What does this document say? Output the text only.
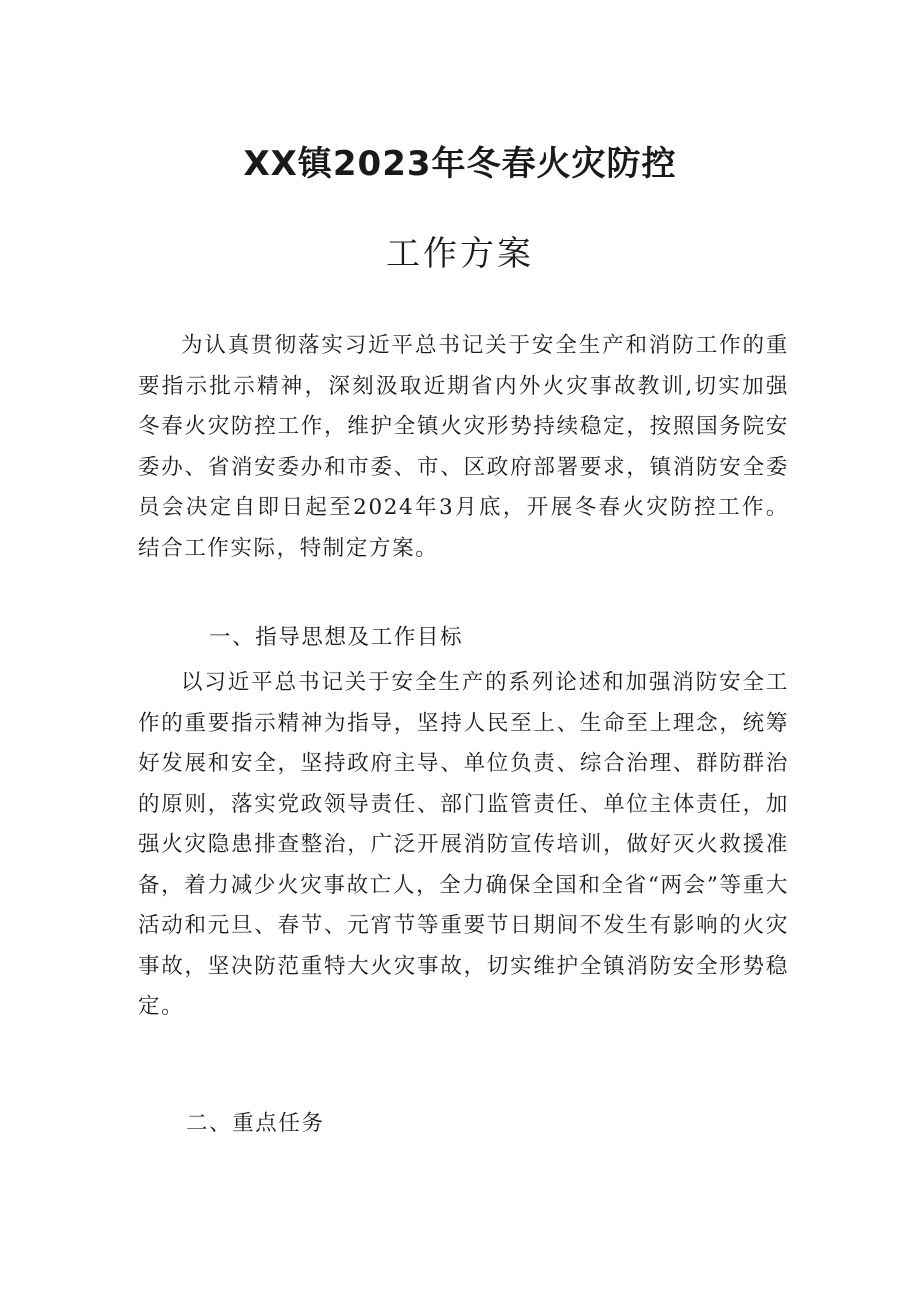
XX镇2023年冬春火灾防控
工作方案

为认真贯彻落实习近平总书记关于安全生产和消防工作的重要指示批示精神，深刻汲取近期省内外火灾事故教训,切实加强冬春火灾防控工作，维护全镇火灾形势持续稳定，按照国务院安委办、省消安委办和市委、市、区政府部署要求，镇消防安全委员会决定自即日起至2024年3月底，开展冬春火灾防控工作。结合工作实际，特制定方案。

一、指导思想及工作目标

以习近平总书记关于安全生产的系列论述和加强消防安全工作的重要指示精神为指导，坚持人民至上、生命至上理念，统筹好发展和安全，坚持政府主导、单位负责、综合治理、群防群治的原则，落实党政领导责任、部门监管责任、单位主体责任，加强火灾隐患排查整治，广泛开展消防宣传培训，做好灭火救援准备，着力减少火灾事故亡人，全力确保全国和全省“两会”等重大活动和元旦、春节、元宵节等重要节日期间不发生有影响的火灾事故，坚决防范重特大火灾事故，切实维护全镇消防安全形势稳定。

二、重点任务
